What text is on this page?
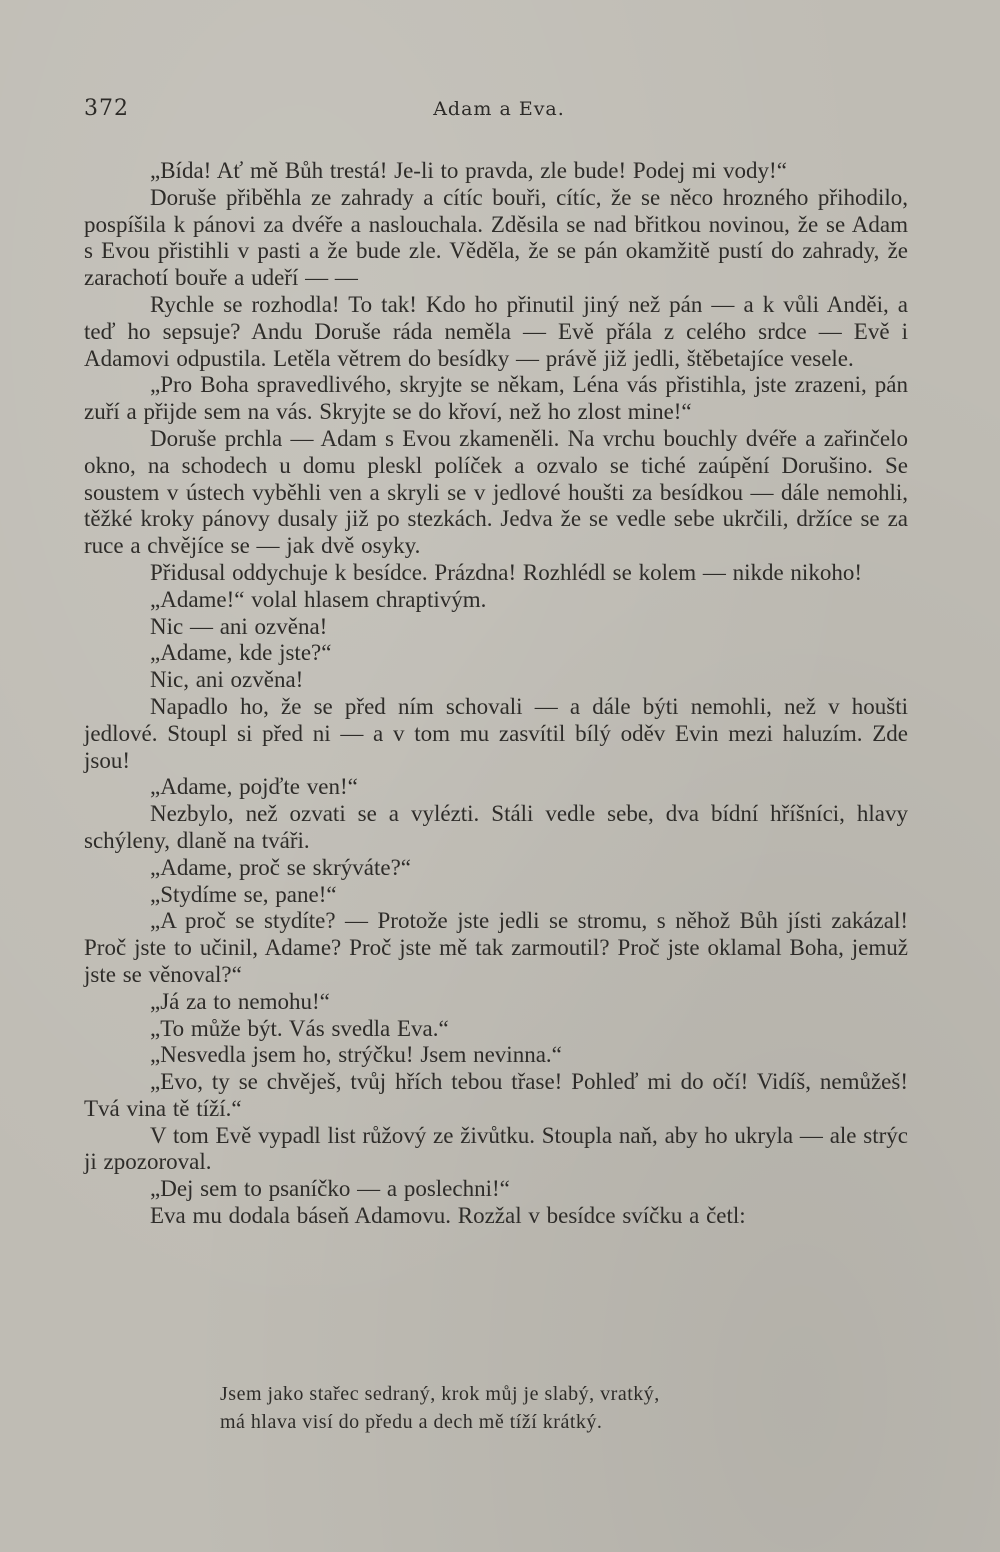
372	Adam a Eva.

„Bída! Ať mě Bůh trestá! Je-li to pravda, zle bude! Podej mi vody!“

Doruše přiběhla ze zahrady a cítíc bouři, cítíc, že se něco hrozného přihodilo, pospíšila k pánovi za dvéře a naslouchala. Zděsila se nad břitkou novinou, že se Adam s Evou přistihli v pasti a že bude zle. Věděla, že se pán okamžitě pustí do zahrady, že zarachotí bouře a udeří — —

Rychle se rozhodla! To tak! Kdo ho přinutil jiný než pán — a k vůli Anděi, a teď ho sepsuje? Andu Doruše ráda neměla — Evě přála z celého srdce — Evě i Adamovi odpustila. Letěla větrem do besídky — právě již jedli, štěbetajíce vesele.

„Pro Boha spravedlivého, skryjte se někam, Léna vás přistihla, jste zrazeni, pán zuří a přijde sem na vás. Skryjte se do křoví, než ho zlost mine!“

Doruše prchla — Adam s Evou zkameněli. Na vrchu bouchly dvéře a zařinčelo okno, na schodech u domu pleskl políček a ozvalo se tiché zaúpění Dorušino. Se soustem v ústech vyběhli ven a skryli se v jedlové houšti za besídkou — dále nemohli, těžké kroky pánovy dusaly již po stezkách. Jedva že se vedle sebe ukrčili, držíce se za ruce a chvějíce se — jak dvě osyky.

Přidusal oddychuje k besídce. Prázdna! Rozhlédl se kolem — nikde nikoho!

„Adame!“ volal hlasem chraptivým.

Nic — ani ozvěna!

„Adame, kde jste?“

Nic, ani ozvěna!

Napadlo ho, že se před ním schovali — a dále býti nemohli, než v houšti jedlové. Stoupl si před ni — a v tom mu zasvítil bílý oděv Evin mezi haluzím. Zde jsou!

„Adame, pojďte ven!“

Nezbylo, než ozvati se a vylézti. Stáli vedle sebe, dva bídní hříšníci, hlavy schýleny, dlaně na tváři.

„Adame, proč se skrýváte?“

„Stydíme se, pane!“

„A proč se stydíte? — Protože jste jedli se stromu, s něhož Bůh jísti zakázal! Proč jste to učinil, Adame? Proč jste mě tak zarmoutil? Proč jste oklamal Boha, jemuž jste se věnoval?“

„Já za to nemohu!“

„To může být. Vás svedla Eva.“

„Nesvedla jsem ho, strýčku! Jsem nevinna.“

„Evo, ty se chvěješ, tvůj hřích tebou třase! Pohleď mi do očí! Vidíš, nemůžeš! Tvá vina tě tíží.“

V tom Evě vypadl list růžový ze živůtku. Stoupla naň, aby ho ukryla — ale strýc ji zpozoroval.

„Dej sem to psaníčko — a poslechni!“

Eva mu dodala báseň Adamovu. Rozžal v besídce svíčku a četl:

Jsem jako stařec sedraný, krok můj je slabý, vratký,
má hlava visí do předu a dech mě tíží krátký.
